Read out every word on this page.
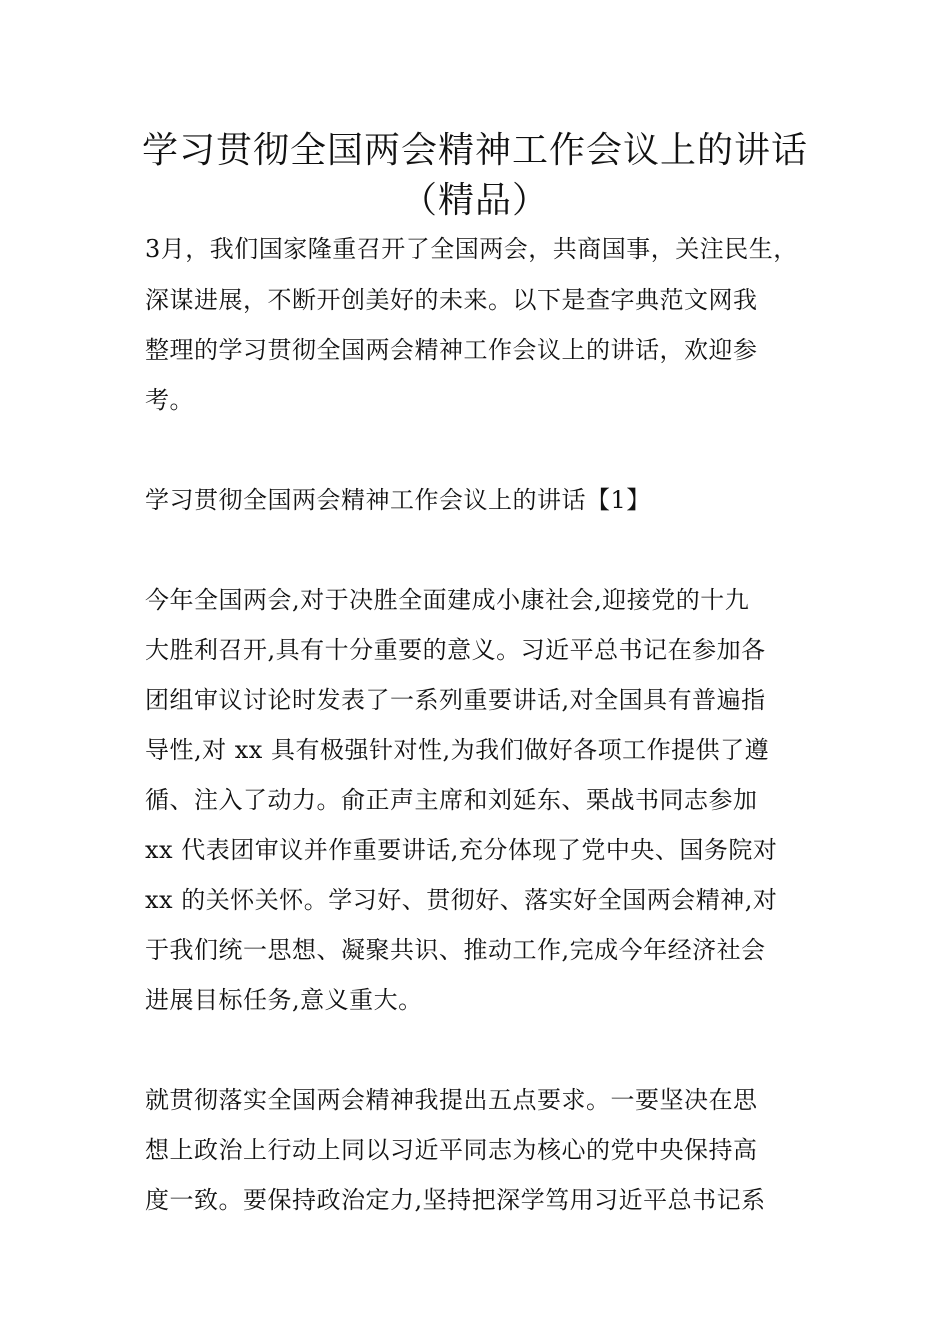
学习贯彻全国两会精神工作会议上的讲话
（精品）
3月，我们国家隆重召开了全国两会，共商国事，关注民生，
深谋进展，不断开创美好的未来。以下是查字典范文网我
整理的学习贯彻全国两会精神工作会议上的讲话，欢迎参
考。
学习贯彻全国两会精神工作会议上的讲话【1】
今年全国两会,对于决胜全面建成小康社会,迎接党的十九
大胜利召开,具有十分重要的意义。习近平总书记在参加各
团组审议讨论时发表了一系列重要讲话,对全国具有普遍指
导性,对 xx 具有极强针对性,为我们做好各项工作提供了遵
循、注入了动力。俞正声主席和刘延东、栗战书同志参加
xx 代表团审议并作重要讲话,充分体现了党中央、国务院对
xx 的关怀关怀。学习好、贯彻好、落实好全国两会精神,对
于我们统一思想、凝聚共识、推动工作,完成今年经济社会
进展目标任务,意义重大。
就贯彻落实全国两会精神我提出五点要求。一要坚决在思
想上政治上行动上同以习近平同志为核心的党中央保持高
度一致。要保持政治定力,坚持把深学笃用习近平总书记系
